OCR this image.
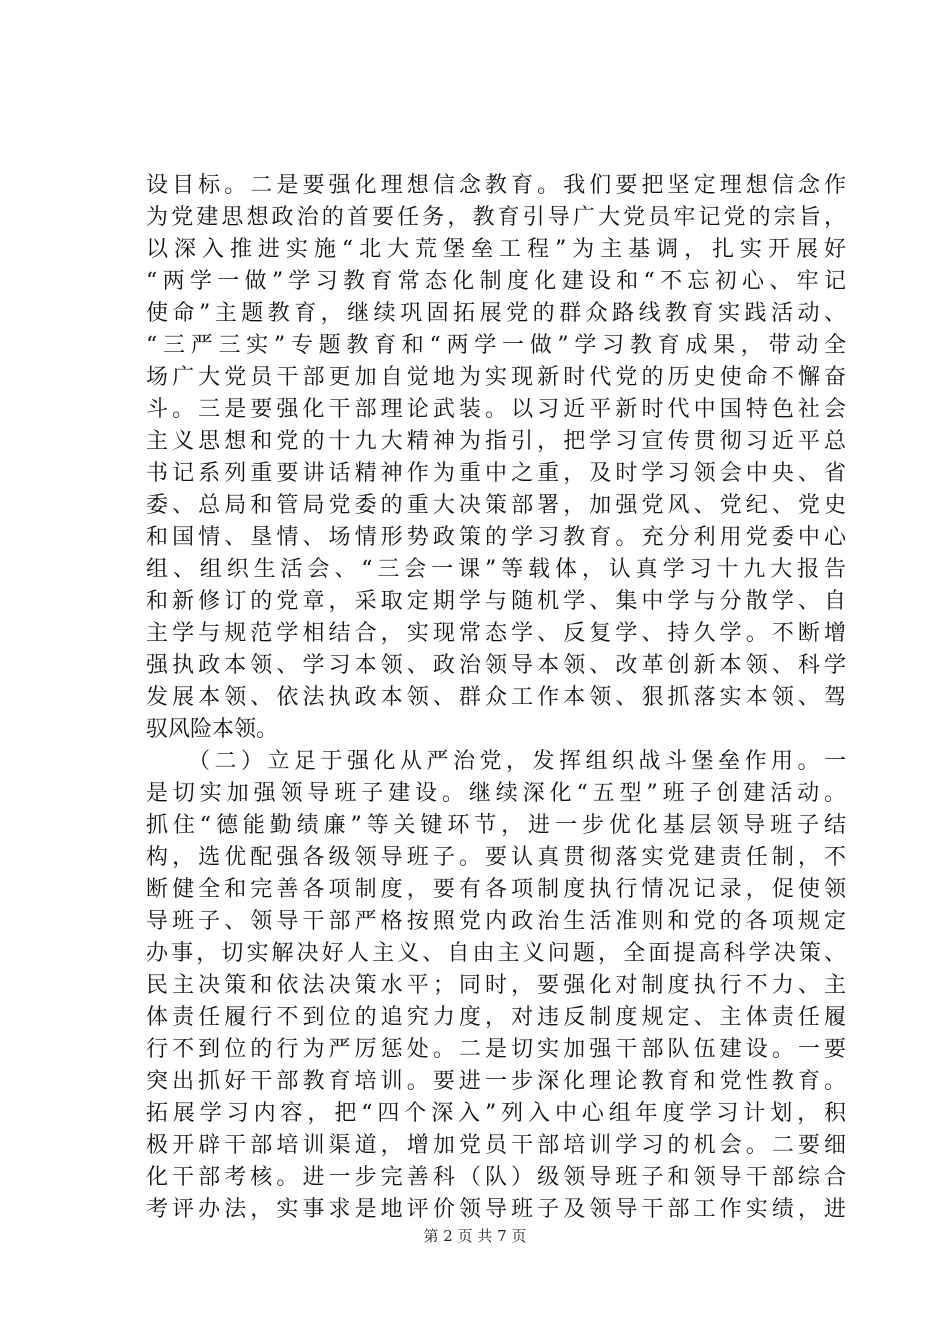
设目标。二是要强化理想信念教育。我们要把坚定理想信念作
为党建思想政治的首要任务，教育引导广大党员牢记党的宗旨，
以深入推进实施“北大荒堡垒工程”为主基调，扎实开展好
“两学一做”学习教育常态化制度化建设和“不忘初心、牢记
使命”主题教育，继续巩固拓展党的群众路线教育实践活动、
“三严三实”专题教育和“两学一做”学习教育成果，带动全
场广大党员干部更加自觉地为实现新时代党的历史使命不懈奋
斗。三是要强化干部理论武装。以习近平新时代中国特色社会
主义思想和党的十九大精神为指引，把学习宣传贯彻习近平总
书记系列重要讲话精神作为重中之重，及时学习领会中央、省
委、总局和管局党委的重大决策部署，加强党风、党纪、党史
和国情、垦情、场情形势政策的学习教育。充分利用党委中心
组、组织生活会、“三会一课”等载体，认真学习十九大报告
和新修订的党章，采取定期学与随机学、集中学与分散学、自
主学与规范学相结合，实现常态学、反复学、持久学。不断增
强执政本领、学习本领、政治领导本领、改革创新本领、科学
发展本领、依法执政本领、群众工作本领、狠抓落实本领、驾
驭风险本领。
　　（二）立足于强化从严治党，发挥组织战斗堡垒作用。一
是切实加强领导班子建设。继续深化“五型”班子创建活动。
抓住“德能勤绩廉”等关键环节，进一步优化基层领导班子结
构，选优配强各级领导班子。要认真贯彻落实党建责任制，不
断健全和完善各项制度，要有各项制度执行情况记录，促使领
导班子、领导干部严格按照党内政治生活准则和党的各项规定
办事，切实解决好人主义、自由主义问题，全面提高科学决策、
民主决策和依法决策水平；同时，要强化对制度执行不力、主
体责任履行不到位的追究力度，对违反制度规定、主体责任履
行不到位的行为严厉惩处。二是切实加强干部队伍建设。一要
突出抓好干部教育培训。要进一步深化理论教育和党性教育。
拓展学习内容，把“四个深入”列入中心组年度学习计划，积
极开辟干部培训渠道，增加党员干部培训学习的机会。二要细
化干部考核。进一步完善科（队）级领导班子和领导干部综合
考评办法，实事求是地评价领导班子及领导干部工作实绩，进
第 2 页 共 7 页
